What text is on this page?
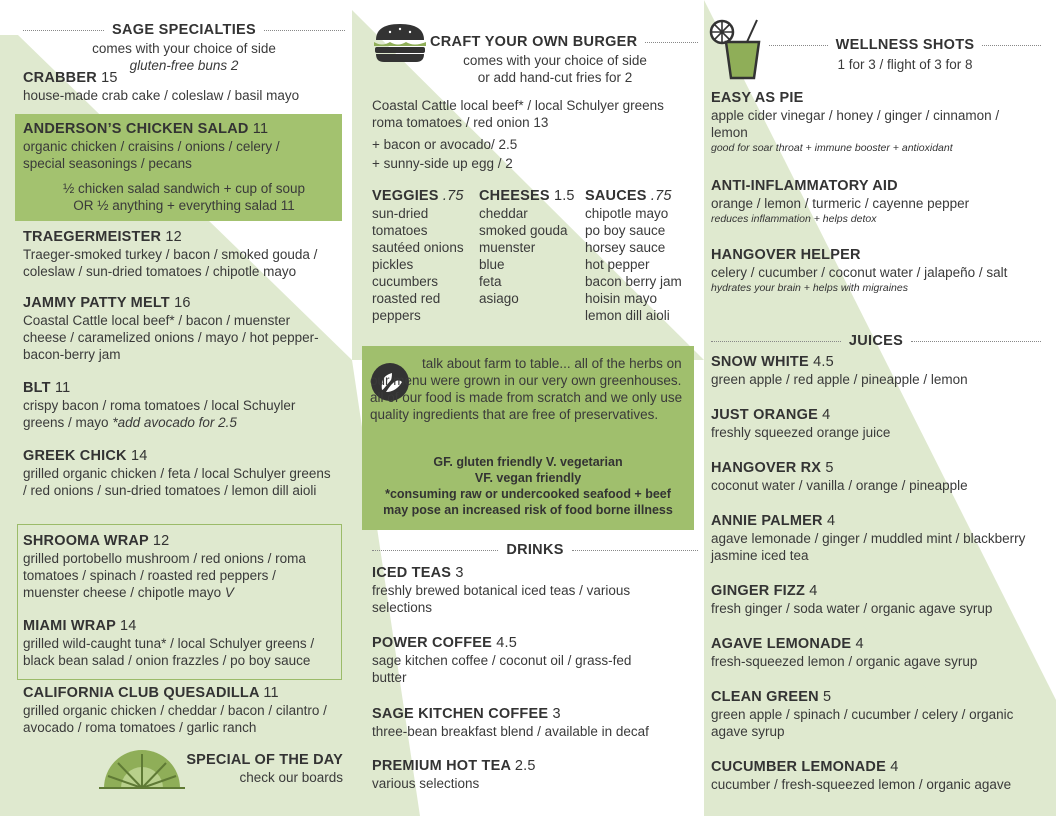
SAGE SPECIALTIES
comes with your choice of side
gluten-free buns 2
CRABBER 15
house-made crab cake / coleslaw / basil mayo
ANDERSON’S CHICKEN SALAD 11
organic chicken / craisins / onions / celery / special seasonings / pecans
½ chicken salad sandwich + cup of soup
OR ½ anything + everything salad 11
TRAEGERMEISTER 12
Traeger-smoked turkey / bacon / smoked gouda / coleslaw / sun-dried tomatoes / chipotle mayo
JAMMY PATTY MELT 16
Coastal Cattle local beef* / bacon / muenster cheese / caramelized onions / mayo / hot pepper-bacon-berry jam
BLT 11
crispy bacon / roma tomatoes / local Schuyler greens / mayo *add avocado for 2.5
GREEK CHICK 14
grilled organic chicken / feta / local Schulyer greens / red onions / sun-dried tomatoes / lemon dill aioli
SHROOMA WRAP 12
grilled portobello mushroom / red onions / roma tomatoes / spinach / roasted red peppers / muenster cheese / chipotle mayo V
MIAMI WRAP 14
grilled wild-caught tuna* / local Schulyer greens / black bean salad / onion frazzles / po boy sauce
CALIFORNIA CLUB QUESADILLA 11
grilled organic chicken / cheddar / bacon / cilantro / avocado / roma tomatoes / garlic ranch
SPECIAL OF THE DAY
check our boards
CRAFT YOUR OWN BURGER
comes with your choice of side
or add hand-cut fries for 2
Coastal Cattle local beef* / local Schulyer greens roma tomatoes / red onion 13
+ bacon or avocado/ 2.5
+ sunny-side up egg / 2
VEGGIES .75
sun-dried
tomatoes
sautéed onions
pickles
cucumbers
roasted red
peppers
CHEESES 1.5
cheddar
smoked gouda
muenster
blue
feta
asiago
SAUCES .75
chipotle mayo
po boy sauce
horsey sauce
hot pepper
bacon berry jam
hoisin mayo
lemon dill aioli
talk about farm to table... all of the herbs on our menu were grown in our very own greenhouses. all of our food is made from scratch and we only use quality ingredients that are free of preservatives.
GF. gluten friendly V. vegetarian
VF. vegan friendly
*consuming raw or undercooked seafood + beef
may pose an increased risk of food borne illness
DRINKS
ICED TEAS 3
freshly brewed botanical iced teas / various selections
POWER COFFEE 4.5
sage kitchen coffee / coconut oil / grass-fed butter
SAGE KITCHEN COFFEE 3
three-bean breakfast blend / available in decaf
PREMIUM HOT TEA 2.5
various selections
WELLNESS SHOTS
1 for 3 / flight of 3 for 8
EASY AS PIE
apple cider vinegar / honey / ginger / cinnamon / lemon
good for soar throat + immune booster + antioxidant
ANTI-INFLAMMATORY AID
orange / lemon / turmeric / cayenne pepper
reduces inflammation + helps detox
HANGOVER HELPER
celery / cucumber / coconut water / jalapeño / salt
hydrates your brain + helps with migraines
JUICES
SNOW WHITE 4.5
green apple / red apple / pineapple / lemon
JUST ORANGE 4
freshly squeezed orange juice
HANGOVER RX 5
coconut water / vanilla / orange / pineapple
ANNIE PALMER 4
agave lemonade / ginger / muddled mint / blackberry jasmine iced tea
GINGER FIZZ 4
fresh ginger / soda water / organic agave syrup
AGAVE LEMONADE 4
fresh-squeezed lemon / organic agave syrup
CLEAN GREEN 5
green apple / spinach / cucumber / celery / organic agave syrup
CUCUMBER LEMONADE 4
cucumber / fresh-squeezed lemon / organic agave
